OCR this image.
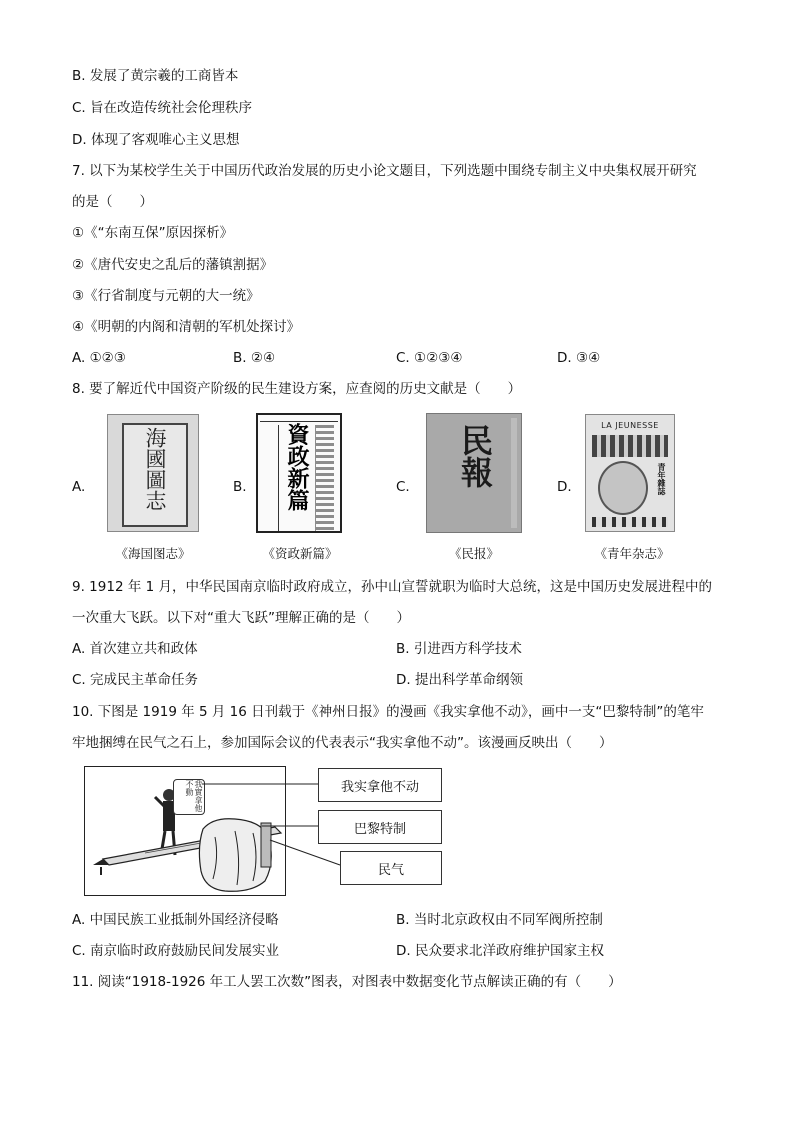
B. 发展了黄宗羲的工商皆本
C. 旨在改造传统社会伦理秩序
D. 体现了客观唯心主义思想
7. 以下为某校学生关于中国历代政治发展的历史小论文题目，下列选题中围绕专制主义中央集权展开研究
的是（　　）
①《“东南互保”原因探析》
②《唐代安史之乱后的藩镇割据》
③《行省制度与元朝的大一统》
④《明朝的内阁和清朝的军机处探讨》
A. ①②③	B. ②④	C. ①②③④	D. ③④
8. 要了解近代中国资产阶级的民生建设方案，应查阅的历史文献是（　　）
A.	海國圖志
《海国图志》
B. 資政新篇
《资政新篇》
C. 民報
《民报》
D.
LA JEUNESSE
青年雜誌
《青年杂志》
9. 1912 年 1 月，中华民国南京临时政府成立，孙中山宣誓就职为临时大总统，这是中国历史发展进程中的
一次重大飞跃。以下对“重大飞跃”理解正确的是（　　）
A. 首次建立共和政体	B. 引进西方科学技术
C. 完成民主革命任务	D. 提出科学革命纲领
10. 下图是 1919 年 5 月 16 日刊载于《神州日报》的漫画《我实拿他不动》，画中一支“巴黎特制”的笔牢
牢地捆缚在民气之石上，参加国际会议的代表表示“我实拿他不动”。该漫画反映出（　　）
我實拿他不動	我实拿他不动
巴黎特制
民气
A. 中国民族工业抵制外国经济侵略	B. 当时北京政权由不同军阀所控制
C. 南京临时政府鼓励民间发展实业	D. 民众要求北洋政府维护国家主权
11. 阅读“1918-1926 年工人罢工次数”图表，对图表中数据变化节点解读正确的有（　　）
